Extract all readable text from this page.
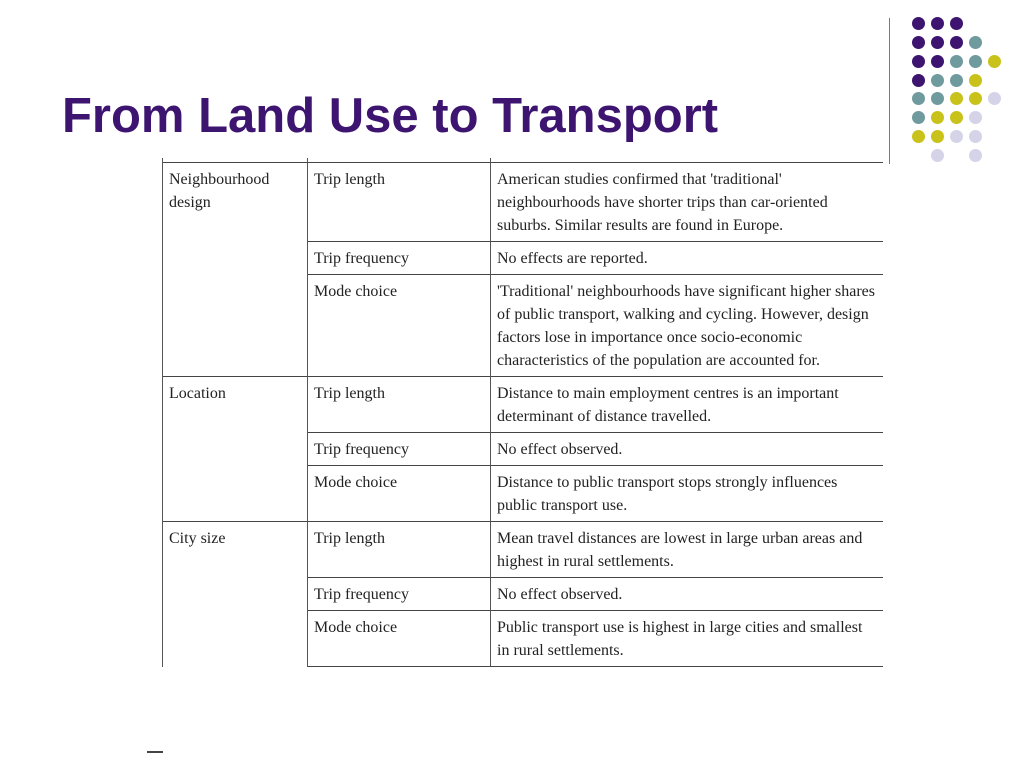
From Land Use to Transport

Neighbourhood design	Trip length	American studies confirmed that 'traditional' neighbourhoods have shorter trips than car-oriented suburbs. Similar results are found in Europe.
	Trip frequency	No effects are reported.
	Mode choice	'Traditional' neighbourhoods have significant higher shares of public transport, walking and cycling. However, design factors lose in importance once socio-economic characteristics of the population are accounted for.
Location	Trip length	Distance to main employment centres is an important determinant of distance travelled.
	Trip frequency	No effect observed.
	Mode choice	Distance to public transport stops strongly influences public transport use.
City size	Trip length	Mean travel distances are lowest in large urban areas and highest in rural settlements.
	Trip frequency	No effect observed.
	Mode choice	Public transport use is highest in large cities and smallest in rural settlements.
